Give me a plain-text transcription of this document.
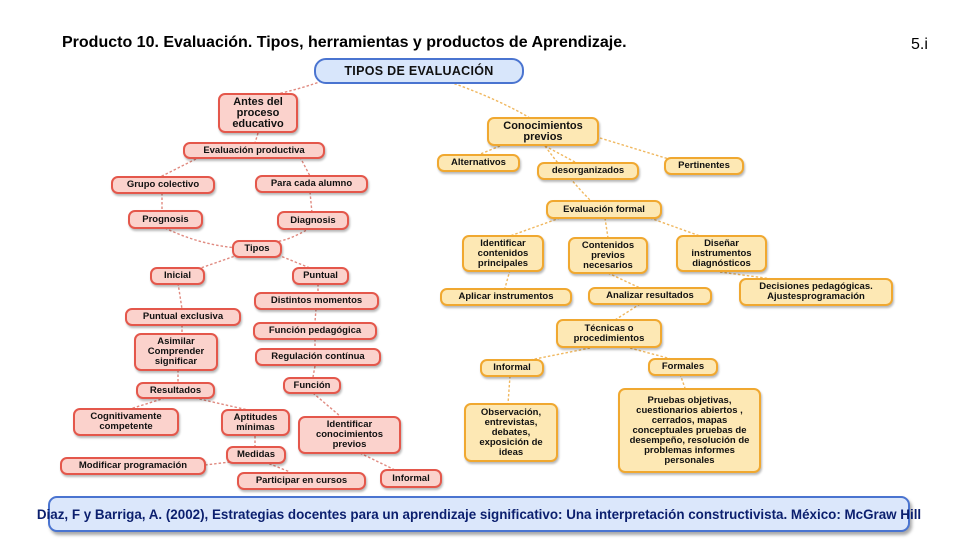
Producto 10. Evaluación. Tipos, herramientas y productos de Aprendizaje.	5.i
TIPOS DE EVALUACIÓN
Antes del proceso educativo
Evaluación productiva
Grupo colectivo	Para cada alumno
Prognosis	Diagnosis
Tipos
Inicial	Puntual
Puntual exclusiva
Distintos momentos
Asimilar Comprender significar
Función pedagógica
Regulación contínua
Resultados	Función
Cognitivamente competente
Aptitudes mínimas	Identificar conocimientos previos
Medidas
Modificar programación
Participar en cursos	Informal
Conocimientos previos
Alternativos
desorganizados	Pertinentes
Evaluación formal
Identificar contenidos principales
Contenidos previos necesarios
Diseñar instrumentos diagnósticos
Decisiones pedagógicas. Ajustesprogramación
Aplicar instrumentos	Analizar resultados
Técnicas o procedimientos
Informal	Formales
Observación, entrevistas, debates, exposición de ideas
Pruebas objetivas, cuestionarios abiertos , cerrados, mapas conceptuales pruebas de desempeño, resolución de problemas informes personales
Diaz, F y Barriga, A. (2002), Estrategias docentes para un aprendizaje significativo: Una interpretación constructivista. México: McGraw Hill
